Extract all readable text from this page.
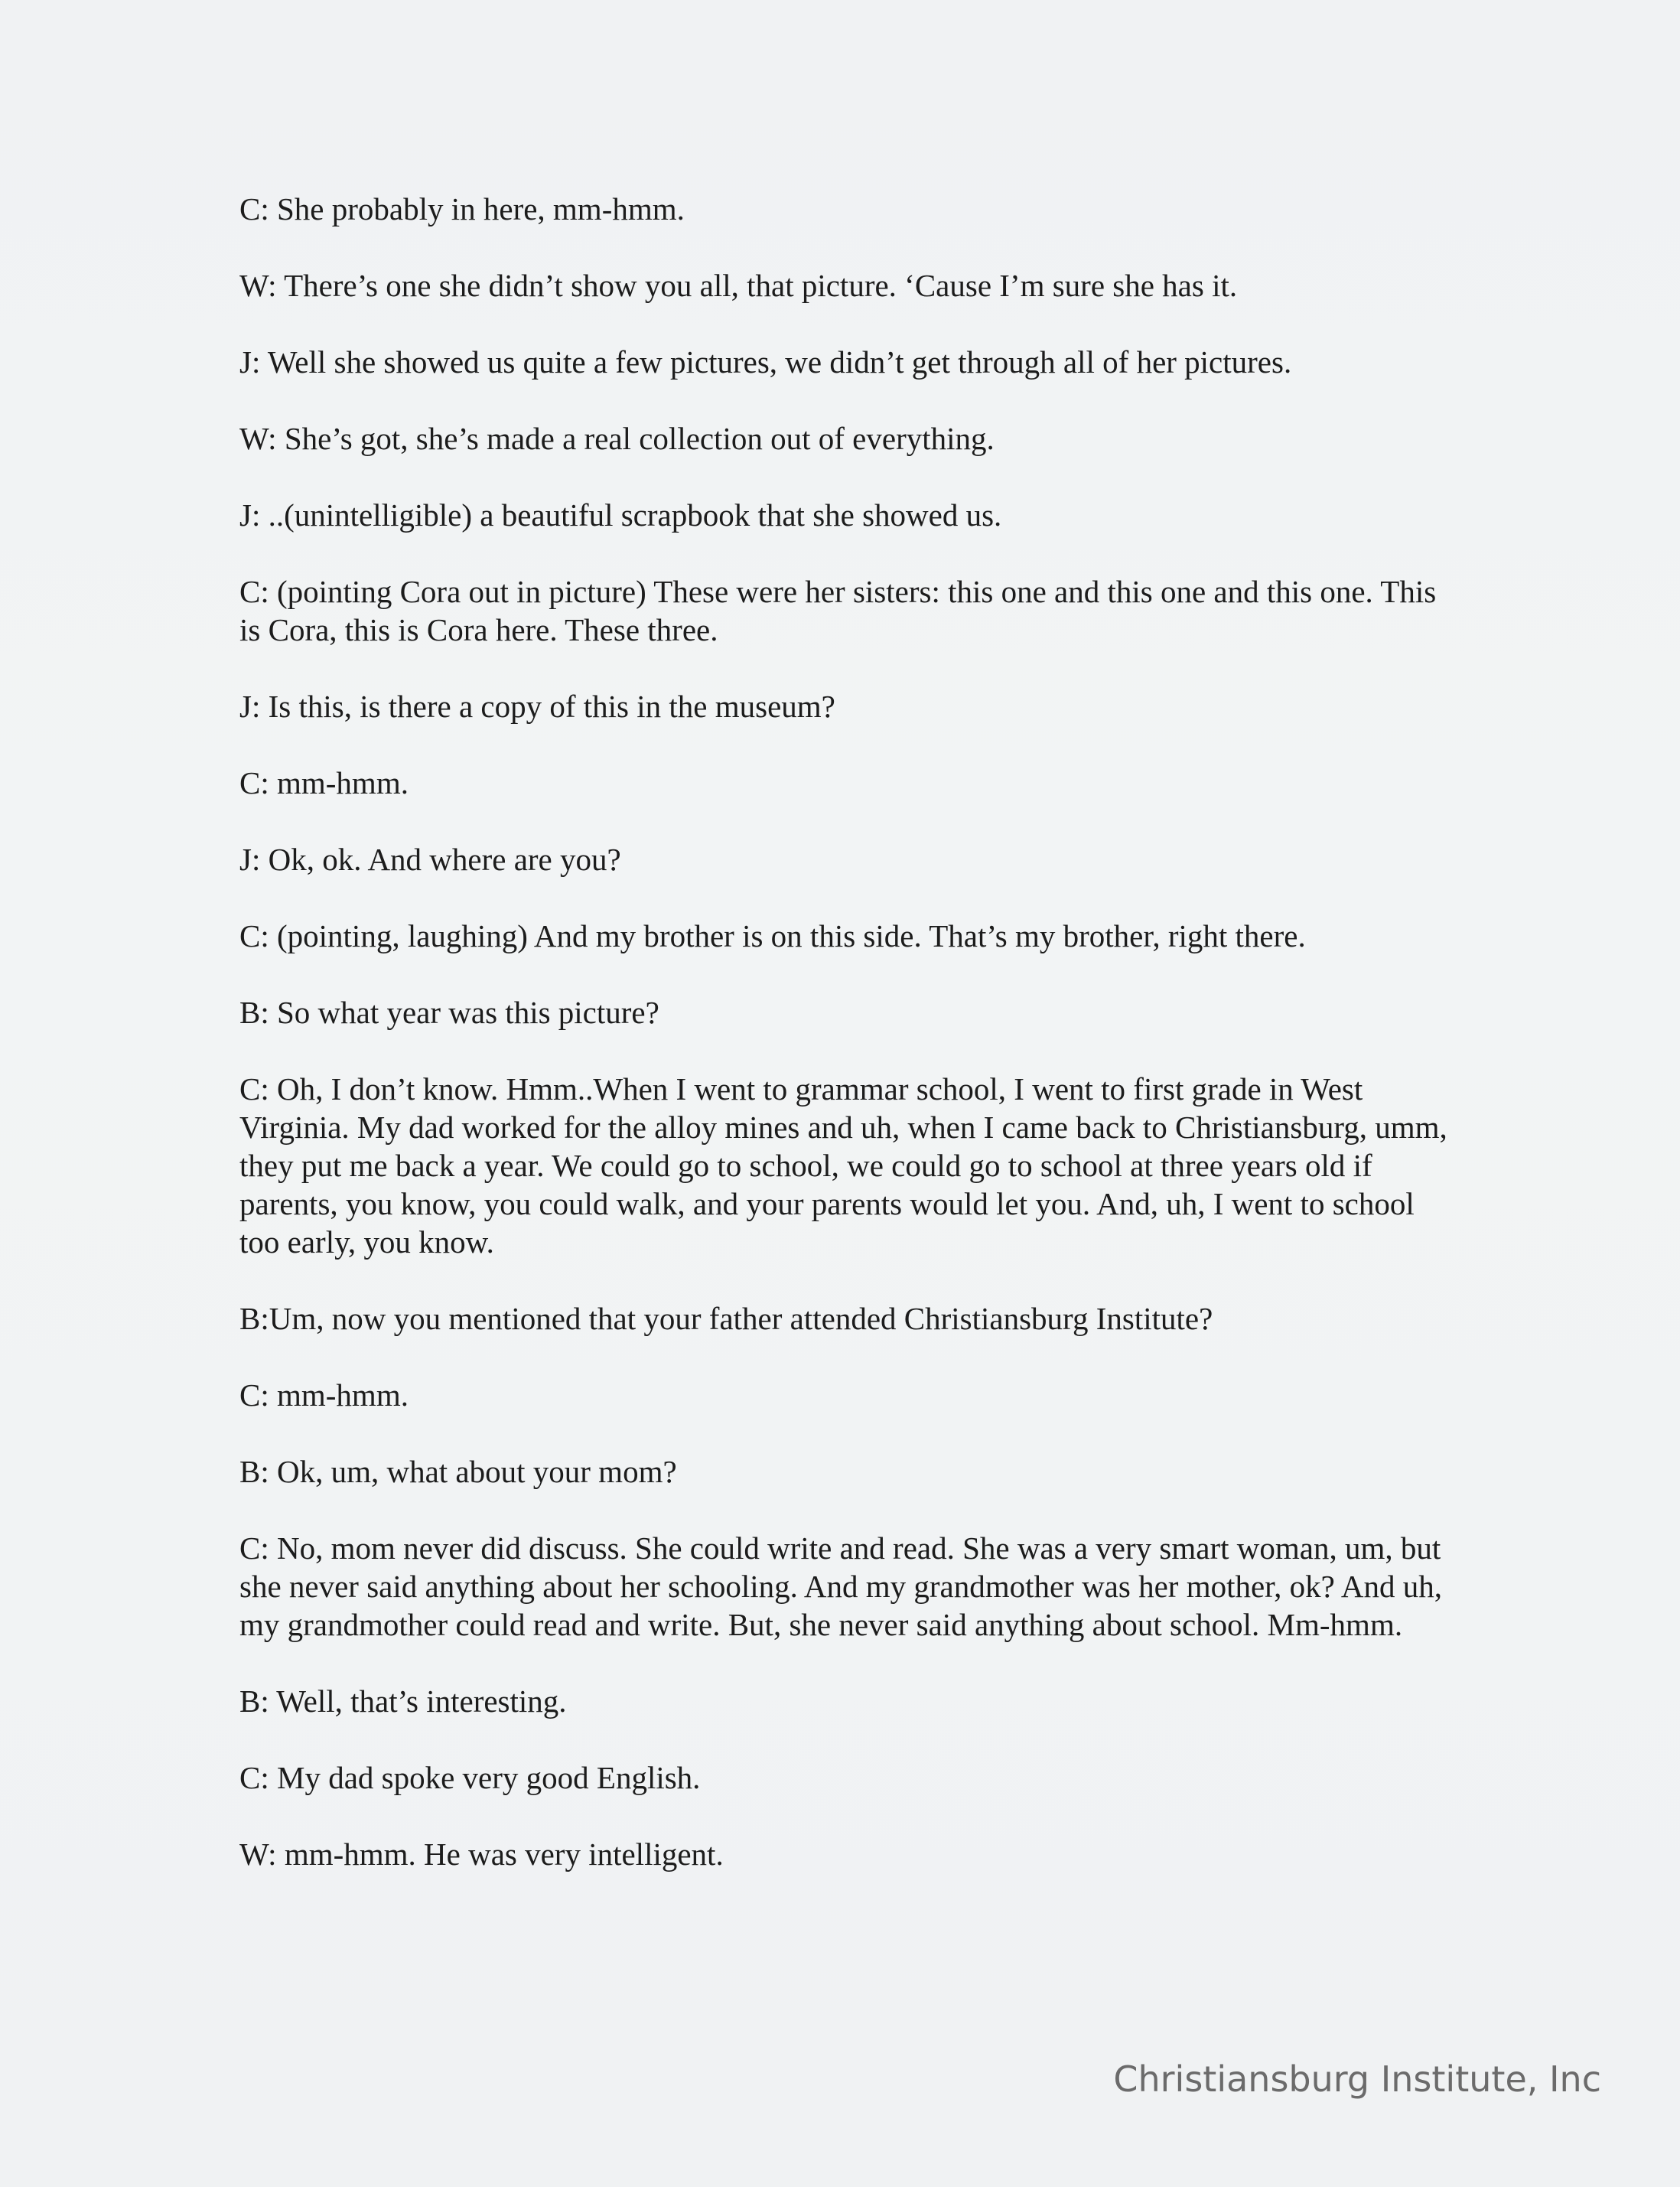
C: She probably in here, mm-hmm.

W: There’s one she didn’t show you all, that picture. ‘Cause I’m sure she has it.

J: Well she showed us quite a few pictures, we didn’t get through all of her pictures.

W: She’s got, she’s made a real collection out of everything.

J: ..(unintelligible) a beautiful scrapbook that she showed us.

C: (pointing Cora out in picture) These were her sisters: this one and this one and this one. This is Cora, this is Cora here. These three.

J: Is this, is there a copy of this in the museum?

C: mm-hmm.

J: Ok, ok. And where are you?

C: (pointing, laughing) And my brother is on this side. That’s my brother, right there.

B: So what year was this picture?

C: Oh, I don’t know. Hmm..When I went to grammar school, I went to first grade in West Virginia. My dad worked for the alloy mines and uh, when I came back to Christiansburg, umm, they put me back a year. We could go to school, we could go to school at three years old if parents, you know, you could walk, and your parents would let you. And, uh, I went to school too early, you know.

B:Um, now you mentioned that your father attended Christiansburg Institute?

C: mm-hmm.

B: Ok, um, what about your mom?

C: No, mom never did discuss. She could write and read. She was a very smart woman, um, but she never said anything about her schooling. And my grandmother was her mother, ok? And uh, my grandmother could read and write. But, she never said anything about school. Mm-hmm.

B: Well, that’s interesting.

C: My dad spoke very good English.

W: mm-hmm. He was very intelligent.

Christiansburg Institute, Inc
